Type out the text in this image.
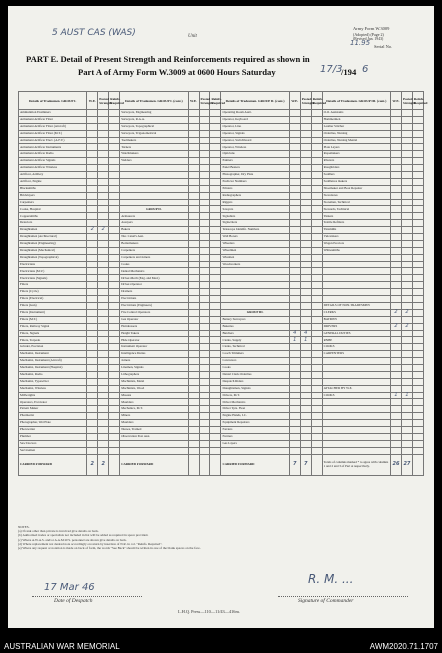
5 AUST CAS (WAS)	Unit
Army Form W.3009
(Adopted) (Page 2)
(Revised Jan. 1943)
11.95 Serial No.
PART E. Detail of Present Strength and Reinforcements required as shown in
Part A of Army Form W.3009 at 0600 Hours Saturday	17/3
/194 6
Details of Tradesmen. GROUP I.	W.E.	Posted Strength	Reinfs. Required	Details of Tradesmen. GROUP I. (cont.)	W.E.	Posted Strength	Reinfs. Required	Details of Tradesmen. GROUP II. (cont.)	W.E.	Posted Strength	Reinfs. Required	Details of Tradesmen. GROUP III. (cont.)	W.E.	Posted Strength	Reinfs. Required
Ammunition Examiners				Surveyors, Engineering				Operating Room Asstt.				O.O. Assistants			
Armament Artificer Fitter				Surveyors, R.A.A.				Operator, Keyboard				Hammermen			
Armament Artificer Fitter (Aircraft)				Surveyors, Topographical				Operator, Lino				Leather Stitcher			
Armament Artificer Fitter (M.T.)				Surveyors, Trigonometrical				Operator, Signals				Orderlies, Nursing			
Armament Artificer Elect. (A.F.V.)				Toolmakers				Operator, Switchboard				Orderlies, Nursing Mental			
Armament Artificer Instruments				Turners				Operator, Wireless				Plate Layers			
Armament Artificer Radio				Watchmakers				Opticians				Ropemakers			
Armament Artificer Signals				Welders				Painters				Riveters			
Armament Artificer Wireless								Panel Beaters				Roughriders			
Artificer, Artillery								Photographer, Dry Plate				Saddlers			
Artificer, Engine								Predictor Numbers				Saddletree makers			
Blacksmiths								Printers				Shoemaker and Boot Repairer			
Bricklayers								Radiographers				Stevedores			
Carpenters								Riggers				Storemen, Technical			
Cooks, Hospital				GROUP II.				Sawyers				Stewards, Technical			
Coppersmiths				Armourers				Signallers				Tinkers			
Detectors				Assayers				Signwriters				Textile Refitters			
Draughtsmen	2	2		Bakers				Telescope Identifn. Numbers				Tinsmiths			
Draughtsmen (Architectural)				Nur. Canal's Asst.				Wall Borers				Vulcanisers			
Draughtsmen (Engineering)				Boilermakers				Wheelers				Wagon Erectors			
Draughtsmen (Mechanical)				Carpenters				Wheelmen				Whitesmiths			
Draughtsmen (Topographical)				Carpenters and Joiners				Wiremen							
Electricians				Cooks				Woodworkers							
Electricians (M.V.)				Dental Mechanics											
Electricians (Signals)				Driver-Mech (Eng. and Med.)											
Fitters				Driver-Operator											
Fitters (Cycle)				Drainers											
Fitters (Electrical)				Electricians											
Fitters (Gun)				Electricians (Engineers)								DETAILS OF NON-TRADESMEN			
Fitters (Instrument)				Fire Control Operators				GROUP III.				CLERKS	2	2	
Fitters (M.T.)				Gas Operator				Battery Surveyors				BATMEN			
Fitters, Railway Signal				Hairdressers				Bakeries				DRIVERS	2	2	
Fitters, Signals				Height Takers				Butchers	4	4		GENERAL DUTIES			
Fitters, Torpedo				Hide Operator				Clerks, Supply	1	1		RNBE			
Grinder, Precision				Instrument Operator				Clerks, Technical				COOKS			
Mechanist, Instrument				Intelligence Duties				Coach Trimmers				CARPENTERS			
Mechanist, Instrument (Aircraft)				Joiners				Concretors							
Mechanist, Instrument (Hospital)				Linemen, Signals				Cooks							
Mechanist, Radio				Lithographers				Dental Clerk Orderlies							
Mechanist, Typewriter				Machinists, Metal				Despatch Riders							
Mechanist, Wireless				Machinists, Wood				Draughtsmen, Signals				ATTACHED BY W.E.			
Millwrights				Masons				Drivers, M.T.				COOKS	1	1	
Operators, Excavator				Moulders				Driver Mechanics							
Pattern Maker				Mechanics, M.T.				Driver Tpts. Fleet							
Pharmacist				Miners				Engine Hands, I.C.							
Photographer, Wet Plate				Moulders				Equipment Repairers							
Photowriter				Nurses, Trained				Farriers							
Plumber				Observation Post Asst.				Furriers							
Saw Doctors								Gas Layers							
Servicemen															
CARRIED FORWARD	2	2		CARRIED FORWARD				CARRIED FORWARD	7	7		Totals of columns marked * to agree with columns 1 and 2 and 3 of Part A respectively.	26	27	
NOTES.
(a) If rank other than private is involved give details on back.
(b) Authorized trades or specialists not included in list will be added as required in space provided.
(c) Where A.W.A.S. and/or A.A.M.W.S. personnel are shown give details on back.
(d) Where replacement not desired note accordingly on return by insertion of N.R. in col. "Reinfs. Required".
(e) Where any request or notation is made on back of form, the words "See Back" should be written in one of the blank spaces on the face.
17 Mar 46
Date of Despatch
R. M. ...
Signature of Commander
L.H.Q. Press—110—11/43—416m.
AUSTRALIAN WAR MEMORIAL	AWM2020.71.1707
